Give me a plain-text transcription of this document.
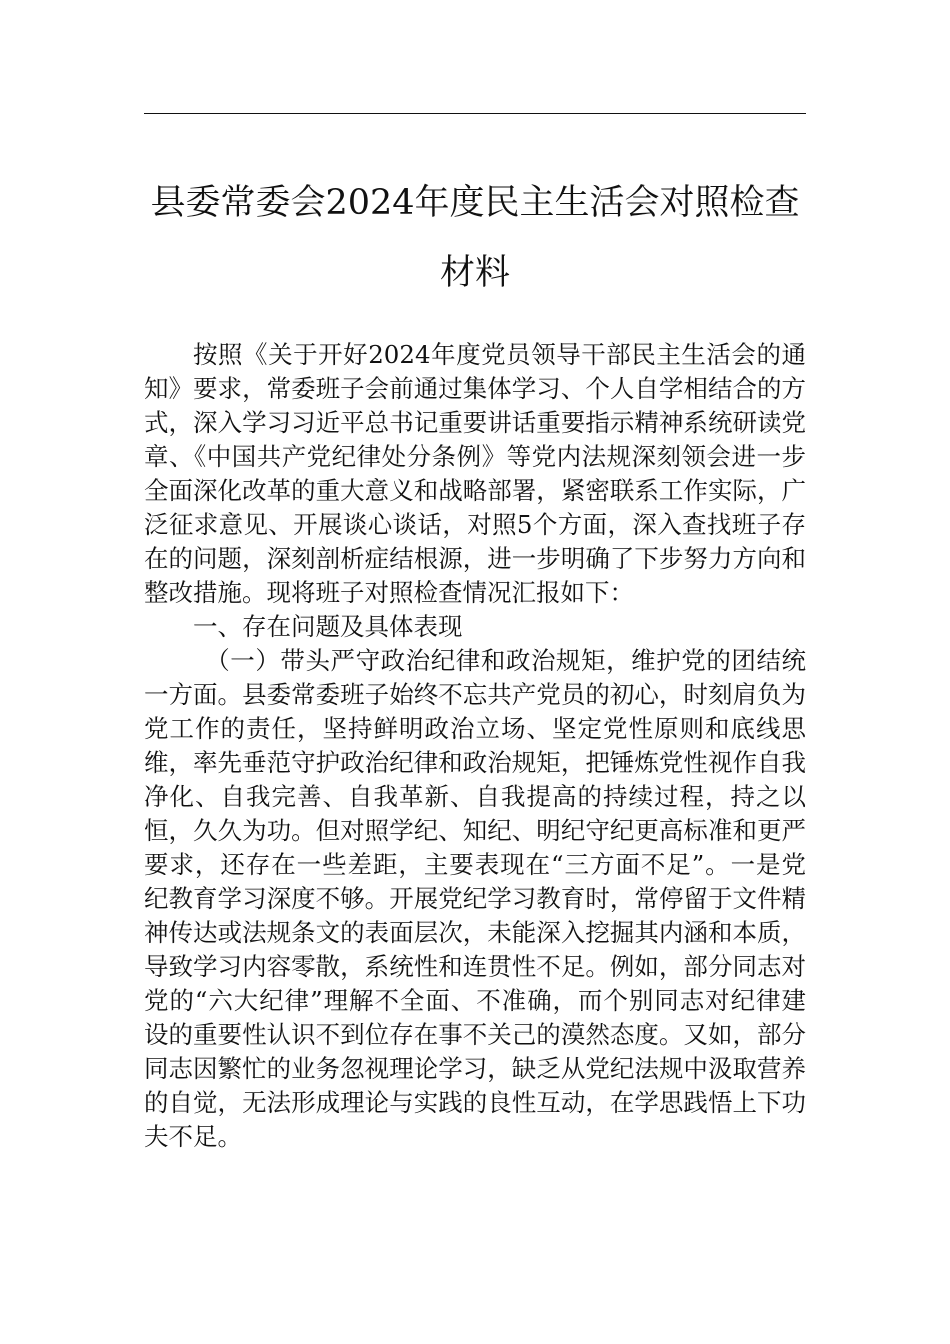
县委常委会2024年度民主生活会对照检查
材料

按照《关于开好2024年度党员领导干部民主生活会的通知》要求，常委班子会前通过集体学习、个人自学相结合的方式，深入学习习近平总书记重要讲话重要指示精神系统研读党章、《中国共产党纪律处分条例》等党内法规深刻领会进一步全面深化改革的重大意义和战略部署，紧密联系工作实际，广泛征求意见、开展谈心谈话，对照5个方面，深入查找班子存在的问题，深刻剖析症结根源，进一步明确了下步努力方向和整改措施。现将班子对照检查情况汇报如下：

一、存在问题及具体表现

（一）带头严守政治纪律和政治规矩，维护党的团结统一方面。县委常委班子始终不忘共产党员的初心，时刻肩负为党工作的责任，坚持鲜明政治立场、坚定党性原则和底线思维，率先垂范守护政治纪律和政治规矩，把锤炼党性视作自我净化、自我完善、自我革新、自我提高的持续过程，持之以恒，久久为功。但对照学纪、知纪、明纪守纪更高标准和更严要求，还存在一些差距，主要表现在“三方面不足”。一是党纪教育学习深度不够。开展党纪学习教育时，常停留于文件精神传达或法规条文的表面层次，未能深入挖掘其内涵和本质，导致学习内容零散，系统性和连贯性不足。例如，部分同志对党的“六大纪律”理解不全面、不准确，而个别同志对纪律建设的重要性认识不到位存在事不关己的漠然态度。又如，部分同志因繁忙的业务忽视理论学习，缺乏从党纪法规中汲取营养的自觉，无法形成理论与实践的良性互动，在学思践悟上下功夫不足。
